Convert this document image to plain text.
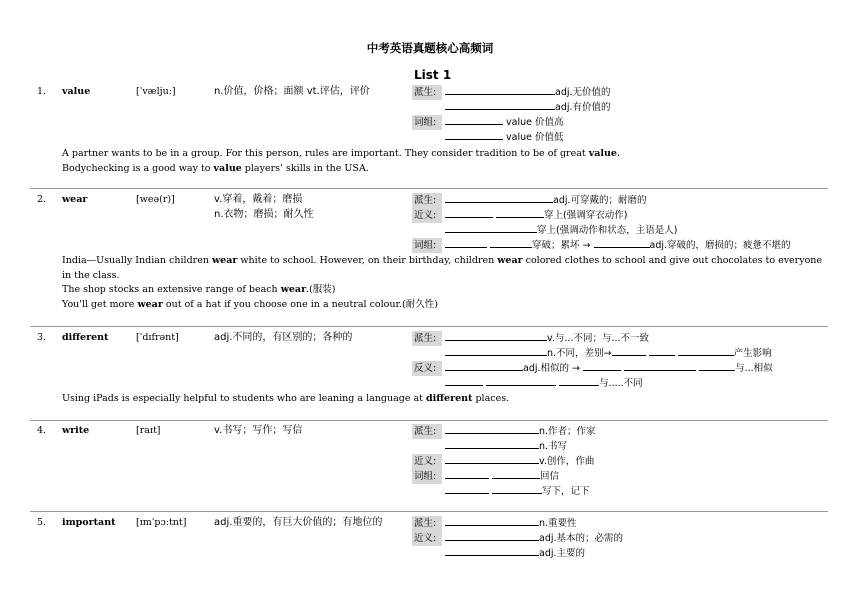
中考英语真题核心高频词
List 1
1. value	[ˈvæljuː]	n.价值，价格；面额 vt.评估，评价	派生:	adj.无价值的
adj.有价值的
词组:	value 价值高
value 价值低
A partner wants to be in a group. For this person, rules are important. They consider tradition to be of great value.
Bodychecking is a good way to value players’ skills in the USA.
2. wear	[weə(r)]	v.穿着，戴着；磨损
n.衣物；磨损；耐久性
派生:	adj.可穿戴的；耐磨的
近义:	穿上(强调穿衣动作)
穿上(强调动作和状态，主语是人)
词组:	穿破；累坏 →	adj.穿破的，磨损的；疲惫不堪的
India—Usually Indian children wear white to school. However, on their birthday, children wear colored clothes to school and give out chocolates to everyone in the class.
The shop stocks an extensive range of beach wear.(服装)
You'll get more wear out of a hat if you choose one in a neutral colour.(耐久性)
3. different	[ˈdɪfrənt]	adj.不同的，有区别的；各种的	派生:	v.与...不同；与...不一致
n.不同，差别→	产生影响
反义:	adj.相似的 →	与...相似
与.....不同
Using iPads is especially helpful to students who are leaning a language at different places.
4. write	[raɪt]	v.书写；写作；写信	派生:	n.作者；作家
n.书写
近义:	v.创作，作曲
词组:	回信
写下，记下
5. important [ɪmˈpɔːtnt]	adj.重要的，有巨大价值的；有地位的	派生:	n.重要性
近义:	adj.基本的；必需的
adj.主要的
